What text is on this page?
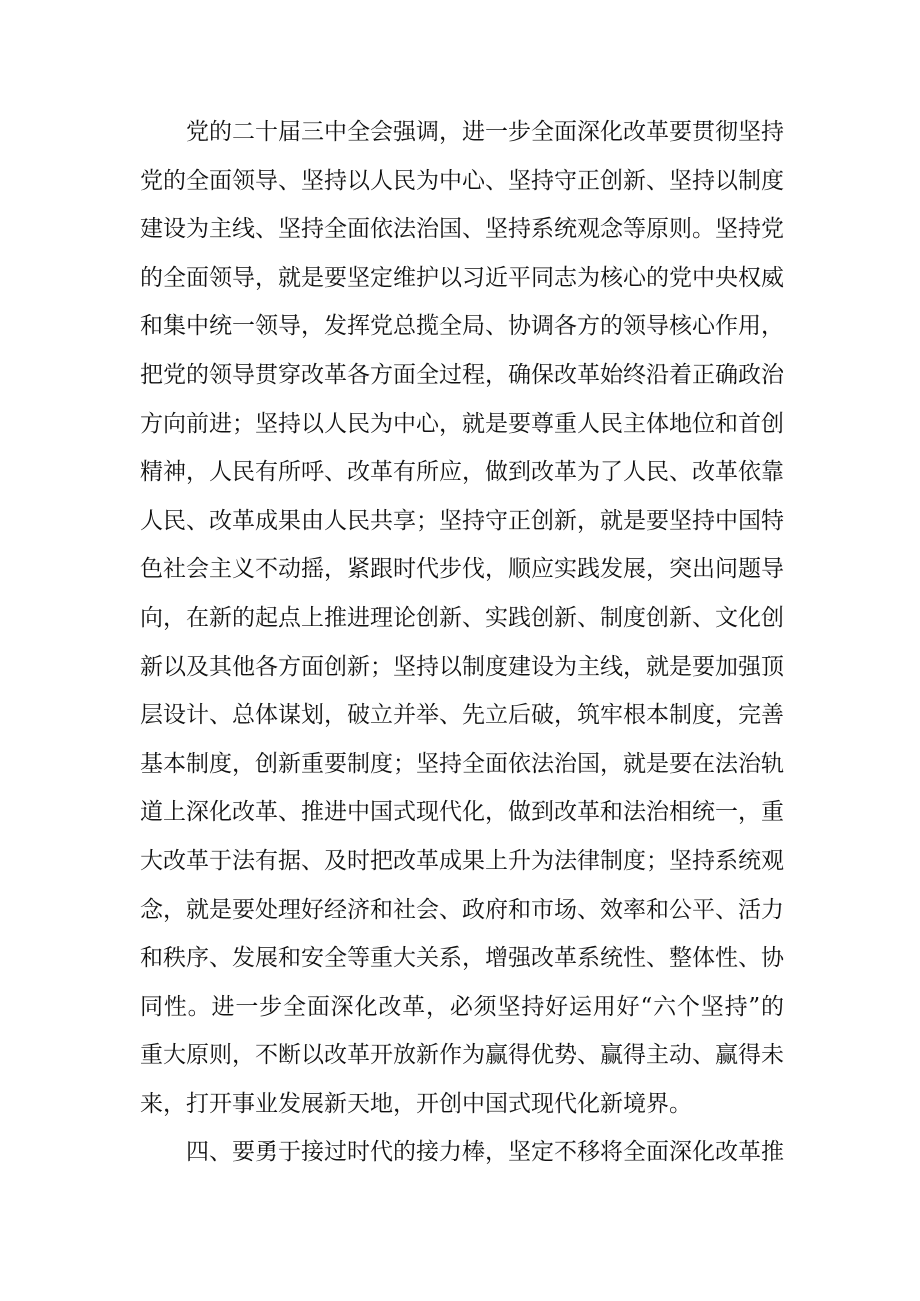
党的二十届三中全会强调，进一步全面深化改革要贯彻坚持党的全面领导、坚持以人民为中心、坚持守正创新、坚持以制度建设为主线、坚持全面依法治国、坚持系统观念等原则。坚持党的全面领导，就是要坚定维护以习近平同志为核心的党中央权威和集中统一领导，发挥党总揽全局、协调各方的领导核心作用，把党的领导贯穿改革各方面全过程，确保改革始终沿着正确政治方向前进；坚持以人民为中心，就是要尊重人民主体地位和首创精神，人民有所呼、改革有所应，做到改革为了人民、改革依靠人民、改革成果由人民共享；坚持守正创新，就是要坚持中国特色社会主义不动摇，紧跟时代步伐，顺应实践发展，突出问题导向，在新的起点上推进理论创新、实践创新、制度创新、文化创新以及其他各方面创新；坚持以制度建设为主线，就是要加强顶层设计、总体谋划，破立并举、先立后破，筑牢根本制度，完善基本制度，创新重要制度；坚持全面依法治国，就是要在法治轨道上深化改革、推进中国式现代化，做到改革和法治相统一，重大改革于法有据、及时把改革成果上升为法律制度；坚持系统观念，就是要处理好经济和社会、政府和市场、效率和公平、活力和秩序、发展和安全等重大关系，增强改革系统性、整体性、协同性。进一步全面深化改革，必须坚持好运用好“六个坚持”的重大原则，不断以改革开放新作为赢得优势、赢得主动、赢得未来，打开事业发展新天地，开创中国式现代化新境界。

四、要勇于接过时代的接力棒，坚定不移将全面深化改革推
